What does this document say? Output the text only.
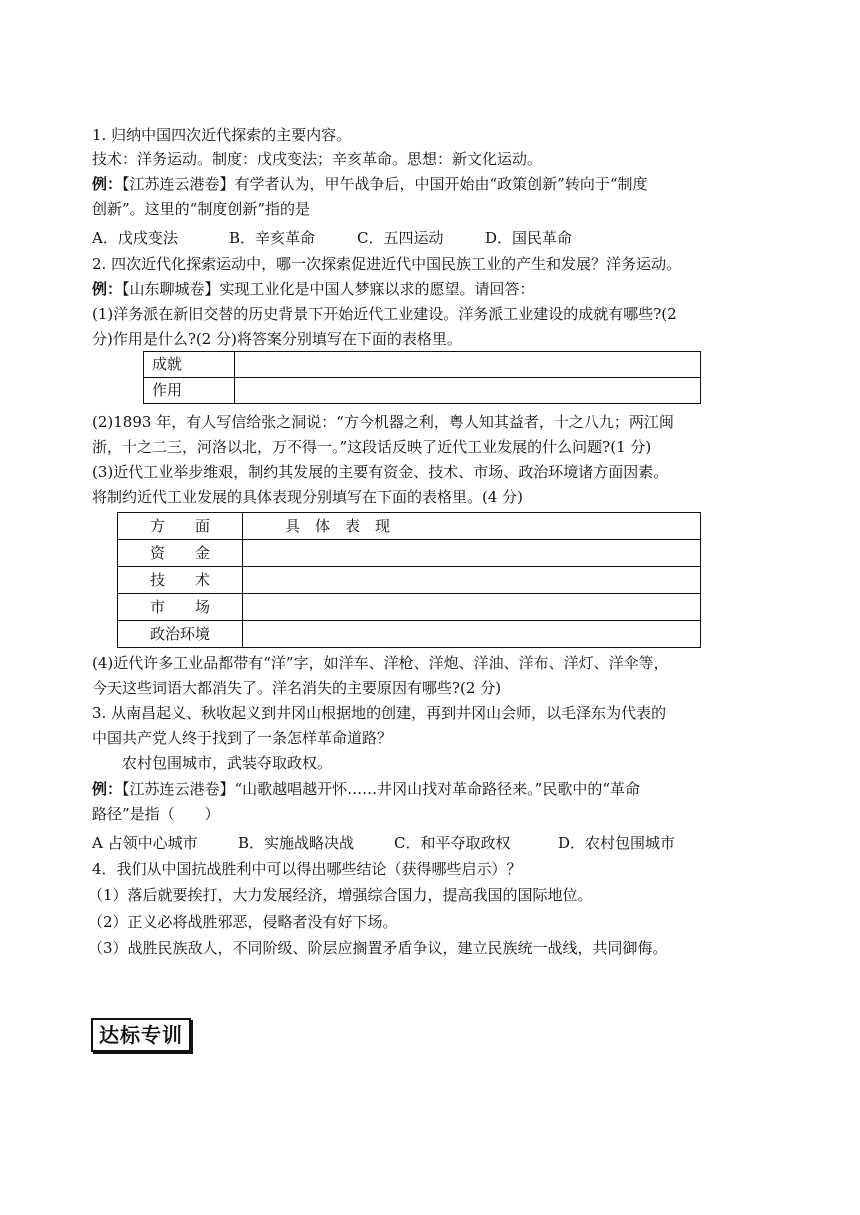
1. 归纳中国四次近代探索的主要内容。
技术：洋务运动。制度：戊戌变法；辛亥革命。思想：新文化运动。
例：【江苏连云港卷】有学者认为，甲午战争后，中国开始由“政策创新”转向于“制度
创新”。这里的“制度创新”指的是
A．戊戌变法	B．辛亥革命	C．五四运动	D．国民革命
2. 四次近代化探索运动中，哪一次探索促进近代中国民族工业的产生和发展？洋务运动。
例：【山东聊城卷】实现工业化是中国人梦寐以求的愿望。请回答：
(1)洋务派在新旧交替的历史背景下开始近代工业建设。洋务派工业建设的成就有哪些?(2
分)作用是什么?(2 分)将答案分别填写在下面的表格里。
成就	
作用	
(2)1893 年，有人写信给张之洞说：“方今机器之利，粤人知其益者，十之八九；两江闽
浙，十之二三，河洛以北，万不得一。”这段话反映了近代工业发展的什么问题?(1 分)
(3)近代工业举步维艰，制约其发展的主要有资金、技术、市场、政治环境诸方面因素。
将制约近代工业发展的具体表现分别填写在下面的表格里。(4 分)
方　　面	具　体　表　现
资　　金	
技　　术	
市　　场	
政治环境	
(4)近代许多工业品都带有“洋”字，如洋车、洋枪、洋炮、洋油、洋布、洋灯、洋伞等，
今天这些词语大都消失了。洋名消失的主要原因有哪些?(2 分)
3. 从南昌起义、秋收起义到井冈山根据地的创建，再到井冈山会师，以毛泽东为代表的
中国共产党人终于找到了一条怎样革命道路？
农村包围城市，武装夺取政权。
例：【江苏连云港卷】“山歌越唱越开怀……井冈山找对革命路径来。”民歌中的“革命
路径”是指（　　）
A 占领中心城市	B．实施战略决战	C．和平夺取政权	D．农村包围城市
4．我们从中国抗战胜利中可以得出哪些结论（获得哪些启示）？
（1）落后就要挨打，大力发展经济，增强综合国力，提高我国的国际地位。
（2）正义必将战胜邪恶，侵略者没有好下场。
（3）战胜民族敌人，不同阶级、阶层应搁置矛盾争议，建立民族统一战线，共同御侮。
达标专训
